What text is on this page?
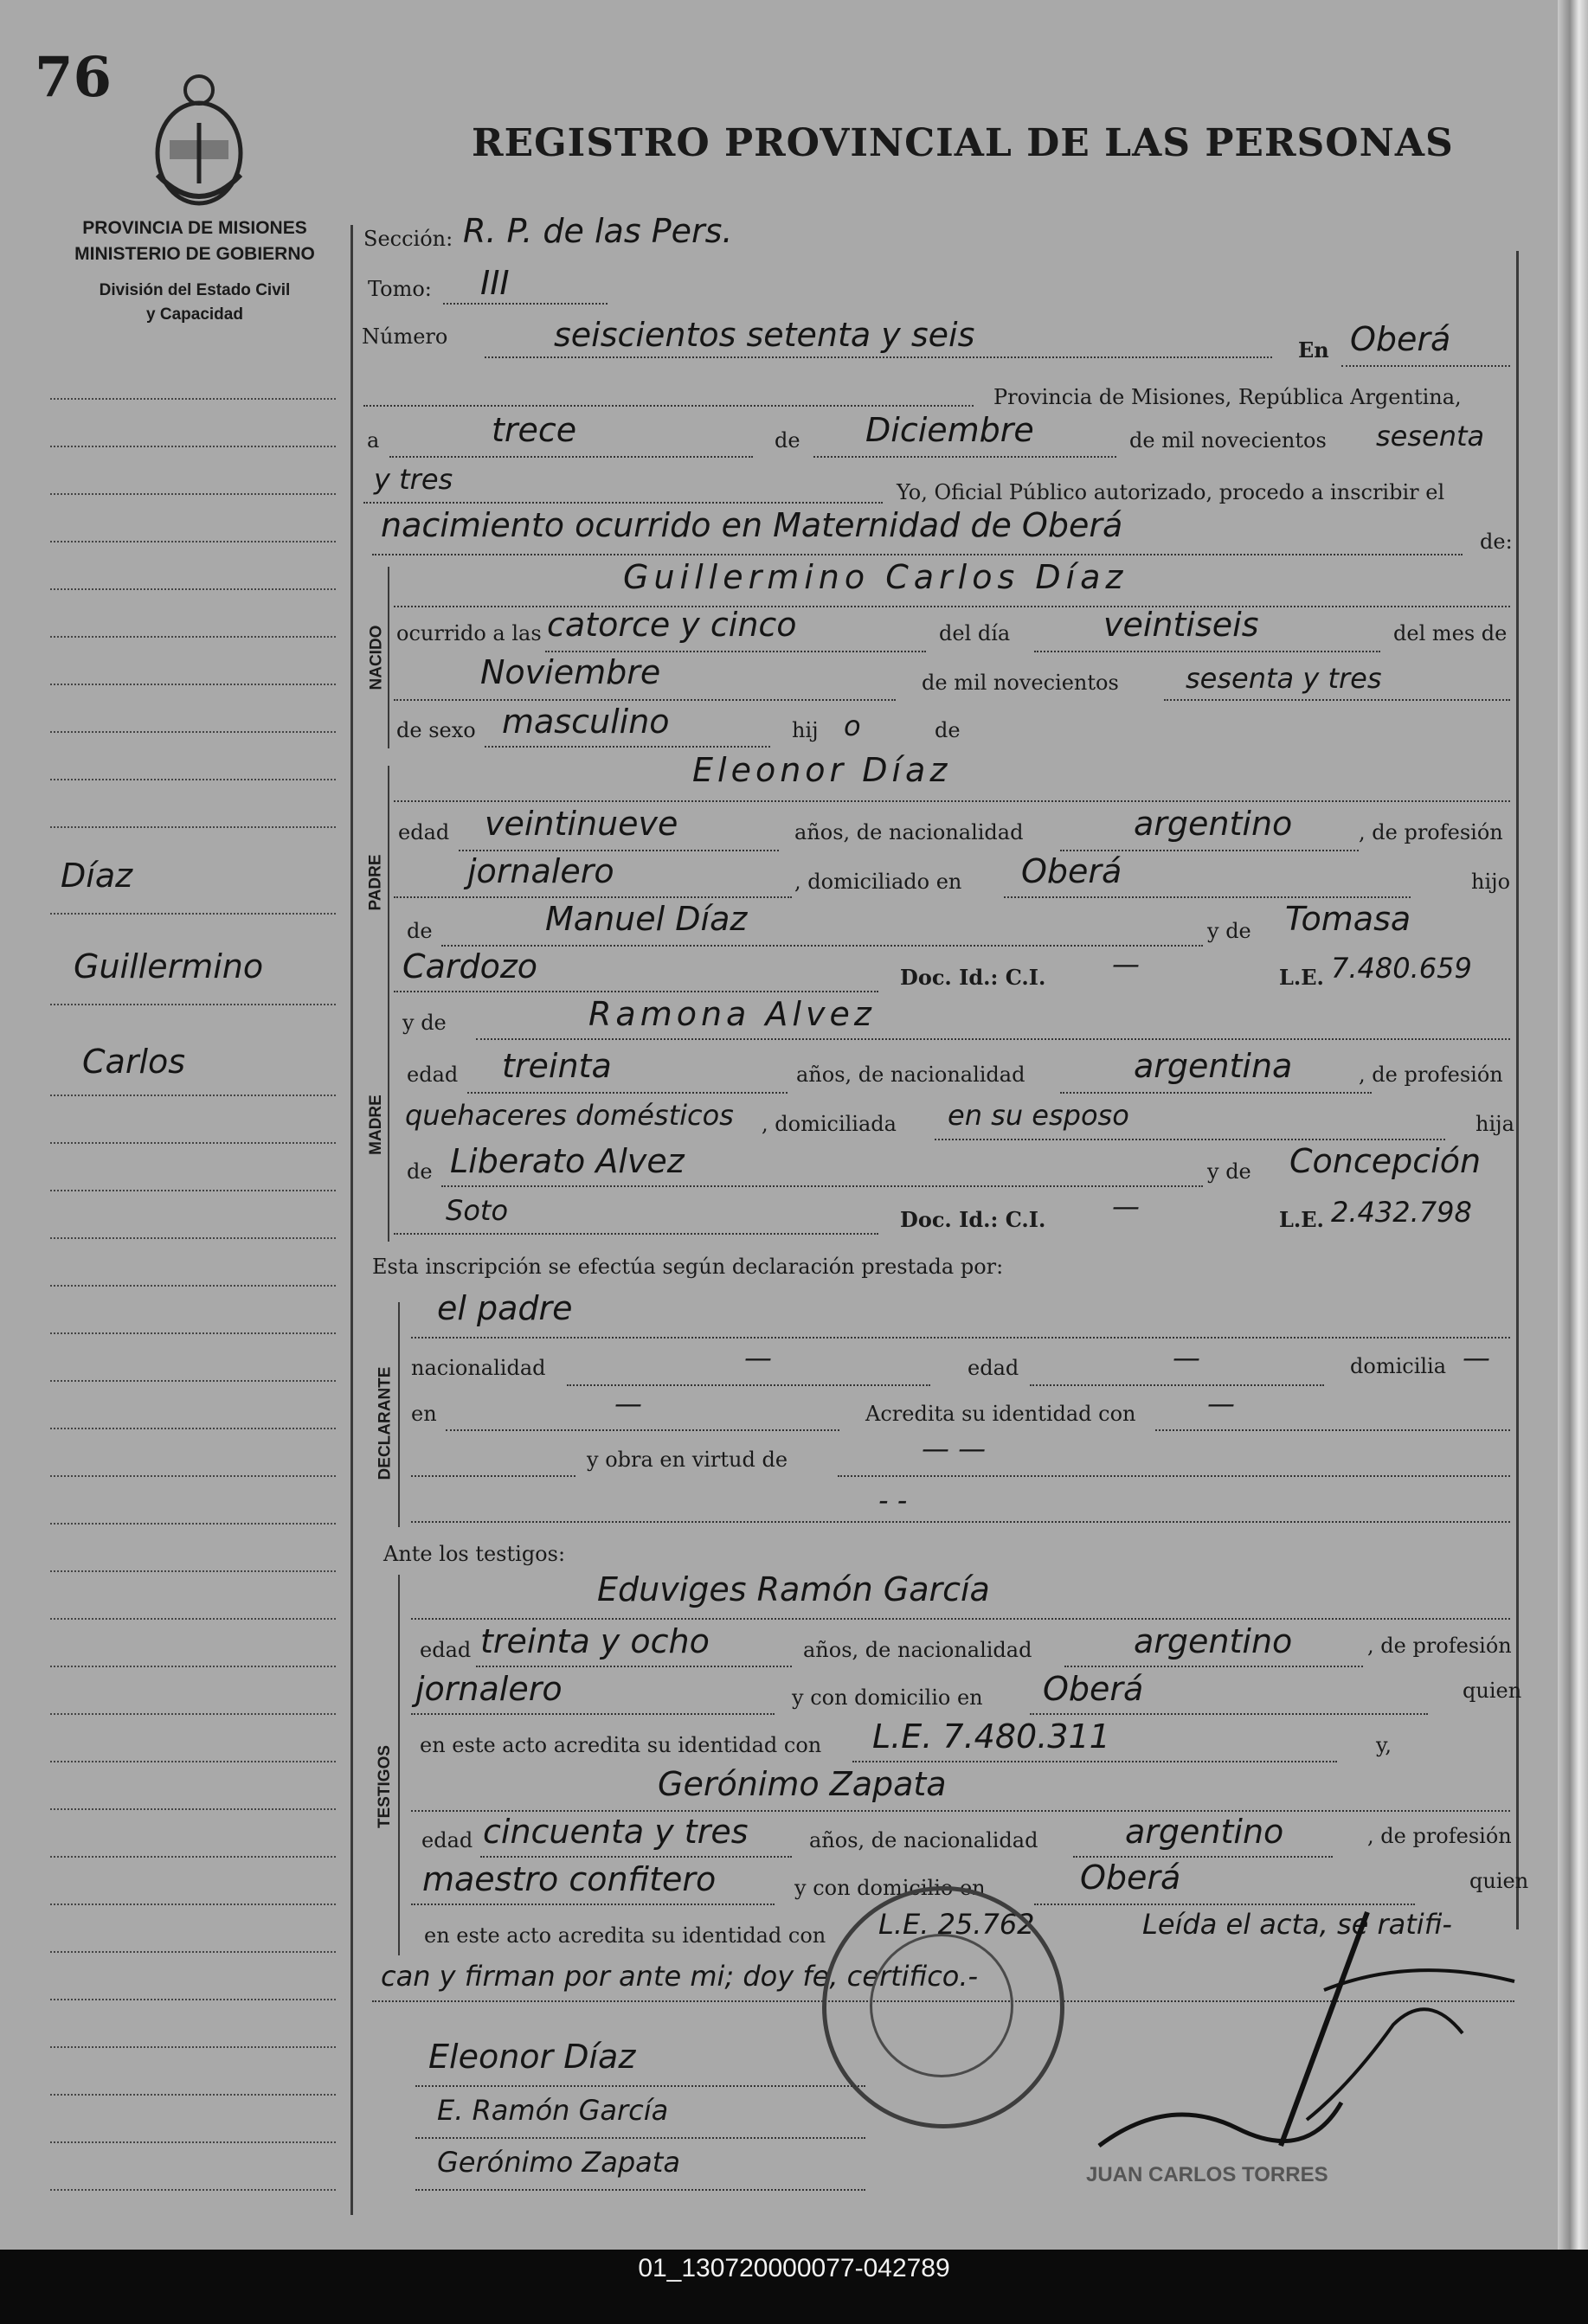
01_130720000077-042789
76
REGISTRO PROVINCIAL DE LAS PERSONAS
PROVINCIA DE MISIONES
MINISTERIO DE GOBIERNO
División del Estado Civil
y Capacidad
Díaz
Guillermino
Carlos
NACIDO
PADRE
MADRE
DECLARANTE
TESTIGOS
Sección: R. P. de las Pers.
Tomo: III
Número	seiscientos setenta y seis	En Oberá
Provincia de Misiones, República Argentina,
a	trece	de Diciembre	de mil novecientos sesenta
y tres	Yo, Oficial Público autorizado, procedo a inscribir el
nacimiento ocurrido en Maternidad de Oberá	de:
Guillermino Carlos Díaz
ocurrido a las catorce y cinco	del día	veintiseis	del mes de
Noviembre	de mil novecientos sesenta y tres
de sexo masculino	hij o	de
Eleonor Díaz
edad veintinueve	años, de nacionalidad	argentino	, de profesión
jornalero	, domiciliado en Oberá	hijo
de	Manuel Díaz	y de Tomasa
Cardozo	Doc. Id.: C.I. —	L.E. 7.480.659
y de	Ramona Alvez
edad treinta	años, de nacionalidad	argentina	, de profesión
quehaceres domésticos , domiciliada en su esposo	hija
de Liberato Alvez	y de Concepción
Soto	Doc. Id.: C.I. —	L.E. 2.432.798
Esta inscripción se efectúa según declaración prestada por:
el padre
nacionalidad	—	edad	—	domicilia —
en	—	Acredita su identidad con	—
y obra en virtud de	— —
- -
Ante los testigos:
Eduviges Ramón García
edad treinta y ocho	años, de nacionalidad	argentino	, de profesión
jornalero	y con domicilio en Oberá	quien
en este acto acredita su identidad con L.E. 7.480.311	y,
Gerónimo Zapata
edad cincuenta y tres	años, de nacionalidad	argentino	, de profesión
maestro confitero	y con domicilio en	Oberá	quien
en este acto acredita su identidad con L.E. 25.762	Leída el acta, se ratifi-
can y firman por ante mi; doy fe, certifico.-
Eleonor Díaz
E. Ramón García
Gerónimo Zapata	JUAN CARLOS TORRES
